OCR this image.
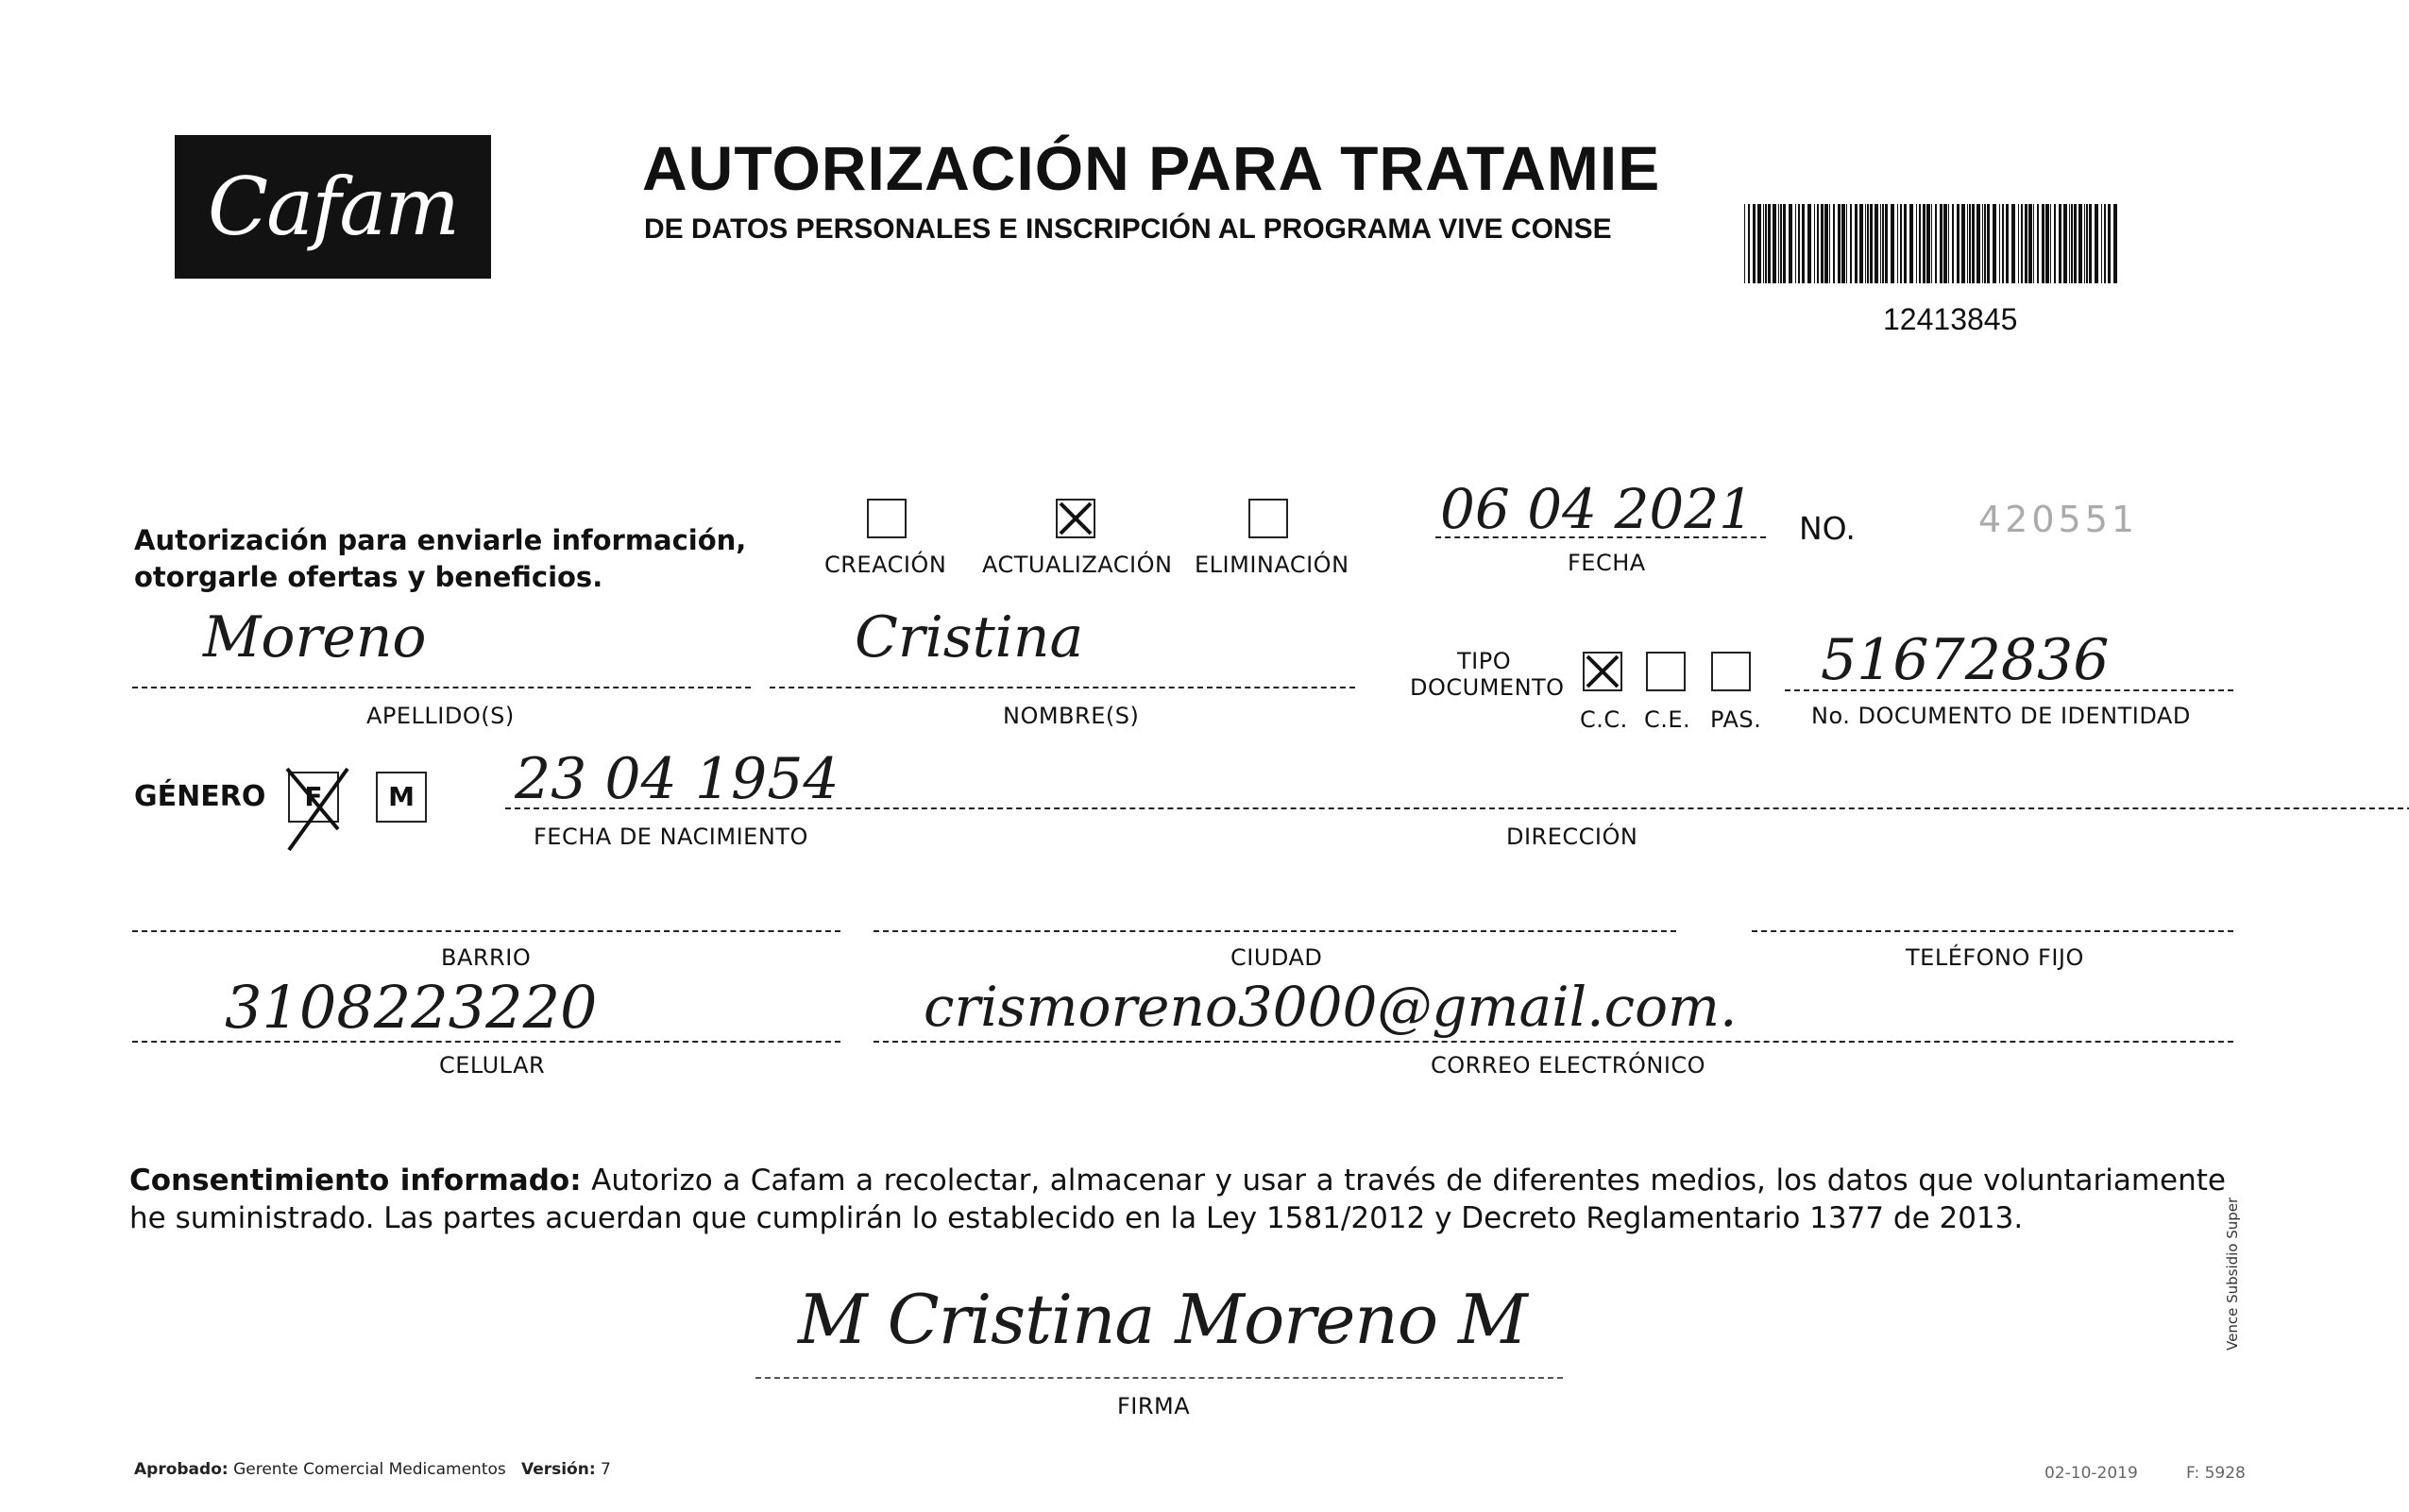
Cafam	AUTORIZACIÓN PARA TRATAMIE
DE DATOS PERSONALES E INSCRIPCIÓN AL PROGRAMA VIVE CONSE
12413845
Autorización para enviarle información,
otorgarle ofertas y beneficios.	CREACIÓN ACTUALIZACIÓN ELIMINACIÓN
06 04 2021
FECHA
NO.	420551
Moreno
APELLIDO(S)
Cristina
NOMBRE(S)
TIPO
DOCUMENTO
C.C. C.E. PAS.
51672836
No. DOCUMENTO DE IDENTIDAD
GÉNERO	F	M 23 04 1954
FECHA DE NACIMIENTO	DIRECCIÓN
BARRIO	CIUDAD	TELÉFONO FIJO
3108223220
CELULAR
crismoreno3000@gmail.com.
CORREO ELECTRÓNICO
Consentimiento informado: Autorizo a Cafam a recolectar, almacenar y usar a través de diferentes medios, los datos que voluntariamente he suministrado. Las partes acuerdan que cumplirán lo establecido en la Ley 1581/2012 y Decreto Reglamentario 1377 de 2013.
M Cristina Moreno M
FIRMA
Aprobado: Gerente Comercial Medicamentos Versión: 7	02-10-2019	F: 5928
Vence Subsidio Super
